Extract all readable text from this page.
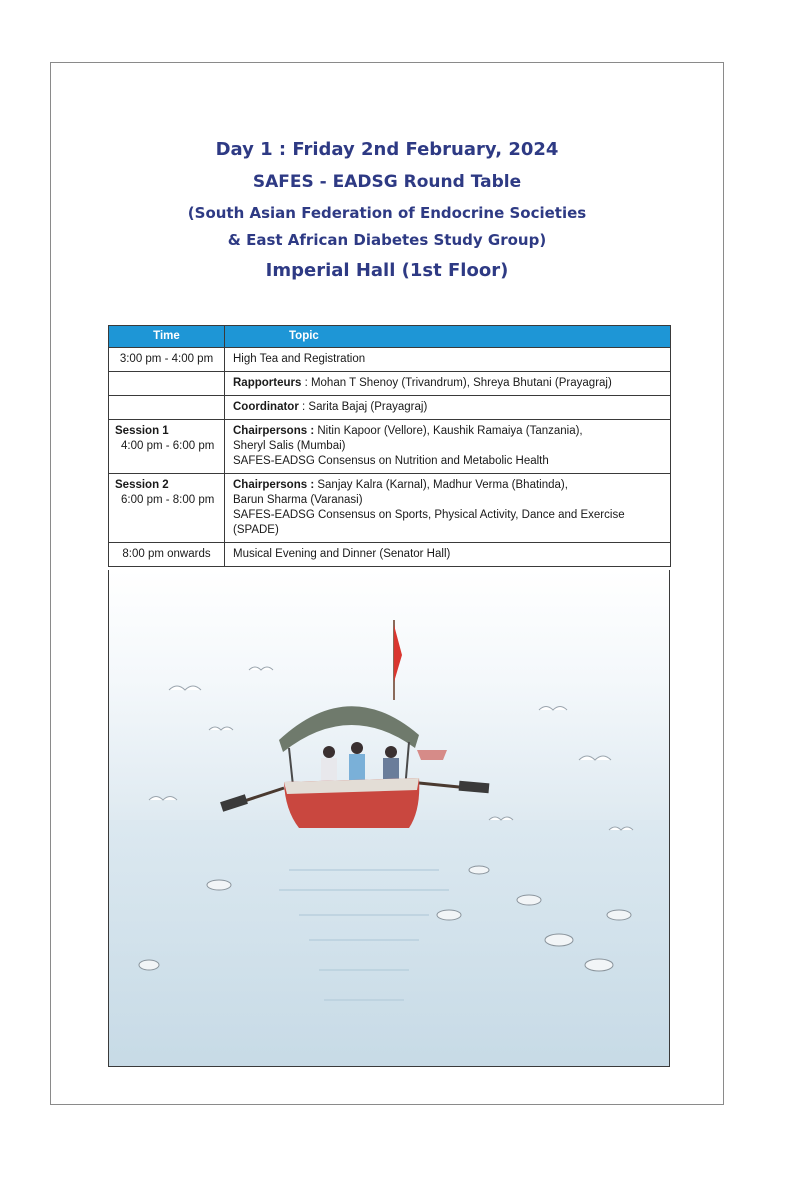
Day 1 : Friday 2nd February, 2024
SAFES - EADSG Round Table
(South Asian Federation of Endocrine Societies
& East African Diabetes Study Group)
Imperial Hall (1st Floor)
Time	Topic
3:00 pm - 4:00 pm	High Tea and Registration
	Rapporteurs : Mohan T Shenoy (Trivandrum), Shreya Bhutani (Prayagraj)
	Coordinator : Sarita Bajaj (Prayagraj)
Session 1

4:00 pm - 6:00 pm	Chairpersons : Nitin Kapoor (Vellore), Kaushik Ramaiya (Tanzania),
Sheryl Salis (Mumbai)
SAFES-EADSG Consensus on Nutrition and Metabolic Health
Session 2

6:00 pm - 8:00 pm	Chairpersons : Sanjay Kalra (Karnal), Madhur Verma (Bhatinda),
Barun Sharma (Varanasi)
SAFES-EADSG Consensus on Sports, Physical Activity, Dance and Exercise (SPADE)
8:00 pm onwards	Musical Evening and Dinner (Senator Hall)
